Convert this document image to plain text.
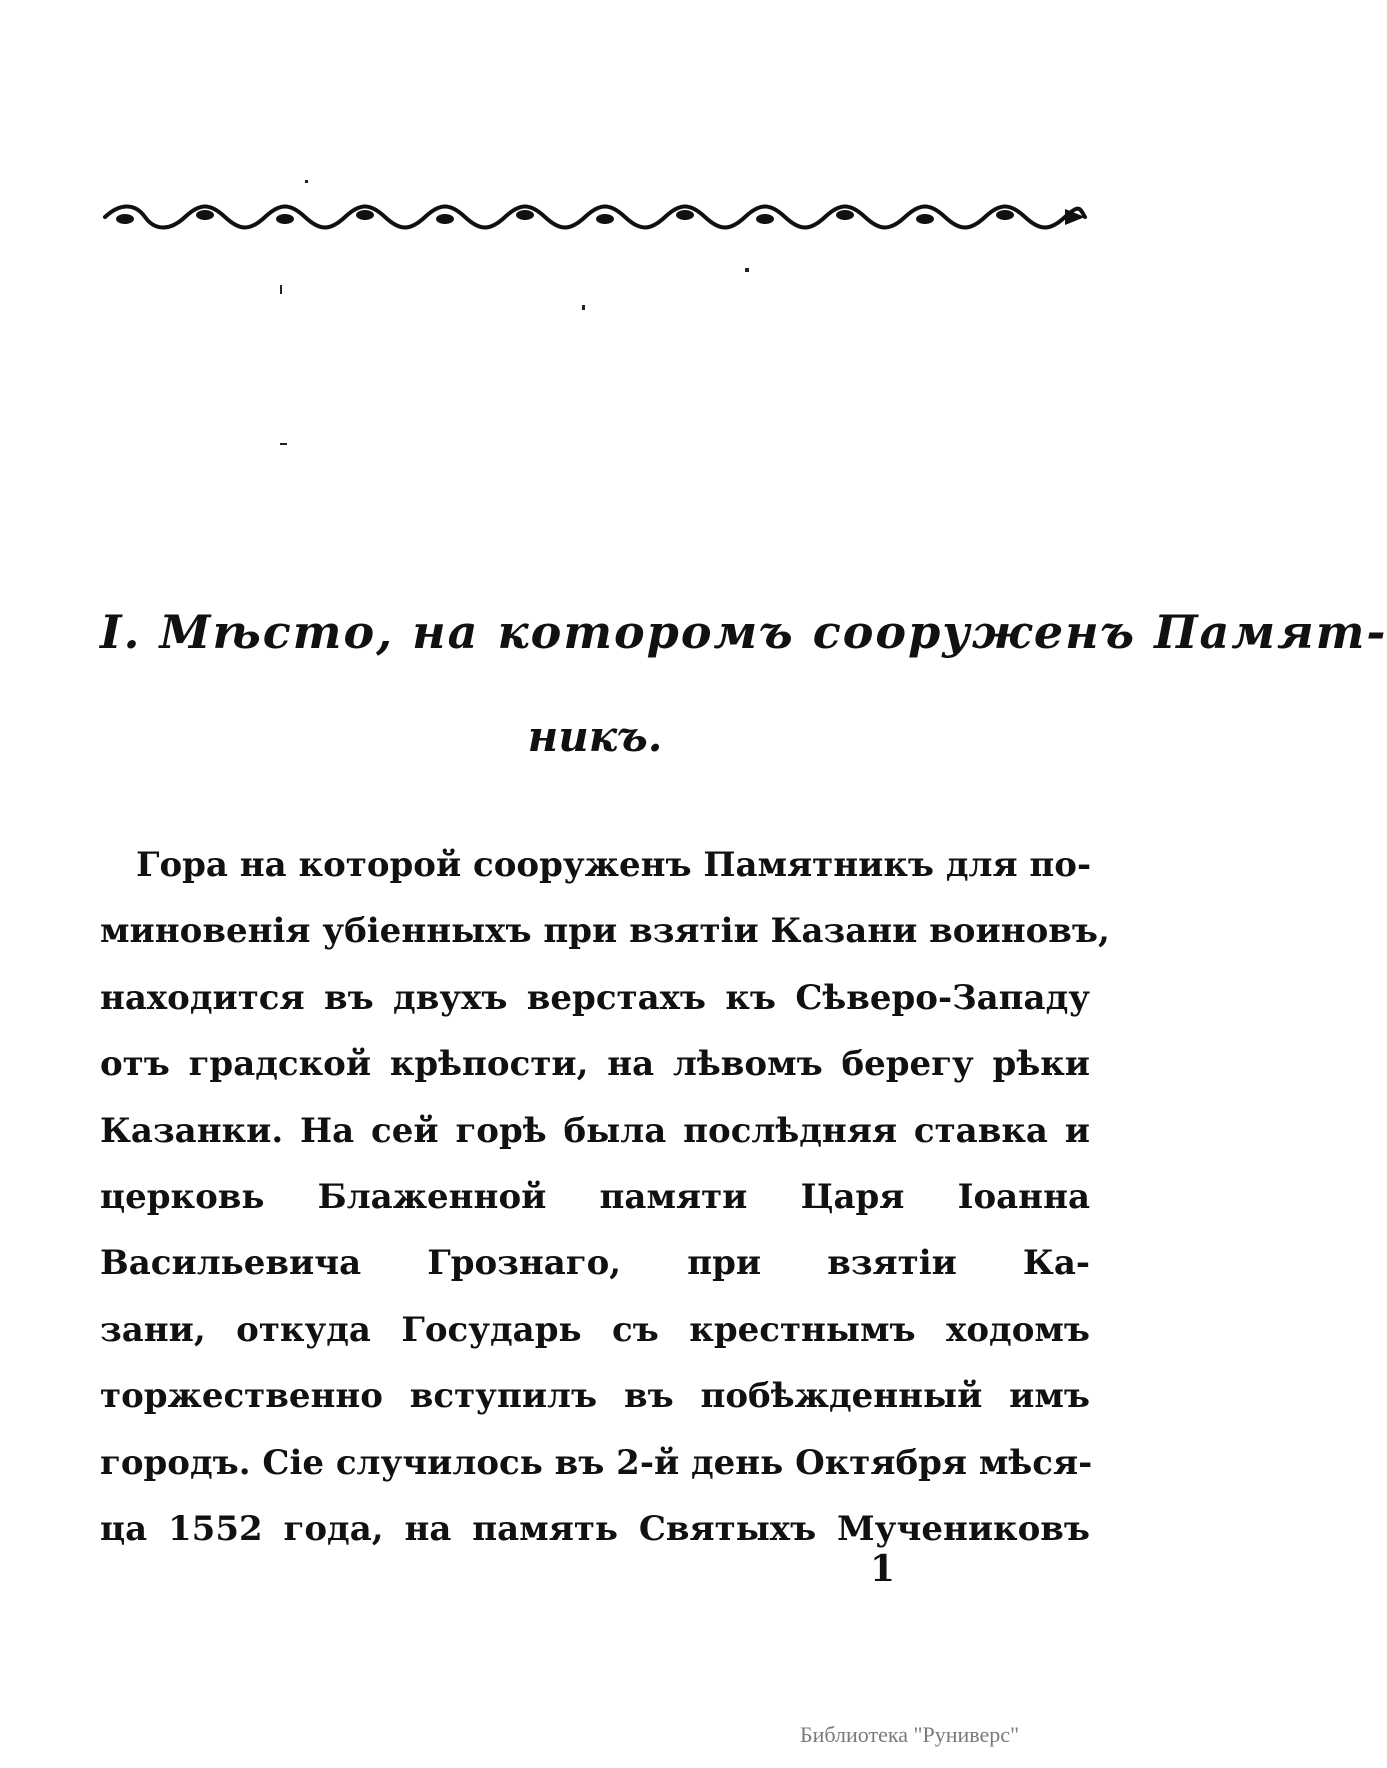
I. Мѣсто, на которомъ сооруженъ Памят-
никъ.
Гора на которой сооруженъ Памятникъ для по-
миновенія убіенныхъ при взятіи Казани воиновъ,
находится въ двухъ верстахъ къ Сѣверо-Западу
отъ градской крѣпости, на лѣвомъ берегу рѣки
Казанки. На сей горѣ была послѣдняя ставка и
церковь Блаженной памяти Царя Іоанна
Васильевича Грознаго, при взятіи Ка-
зани, откуда Государь съ крестнымъ ходомъ
торжественно вступилъ въ побѣжденный имъ
городъ. Сіе случилось въ 2-й день Октября мѣся-
ца 1552 года, на память Святыхъ Мучениковъ
1
Библиотека "Руниверс"
